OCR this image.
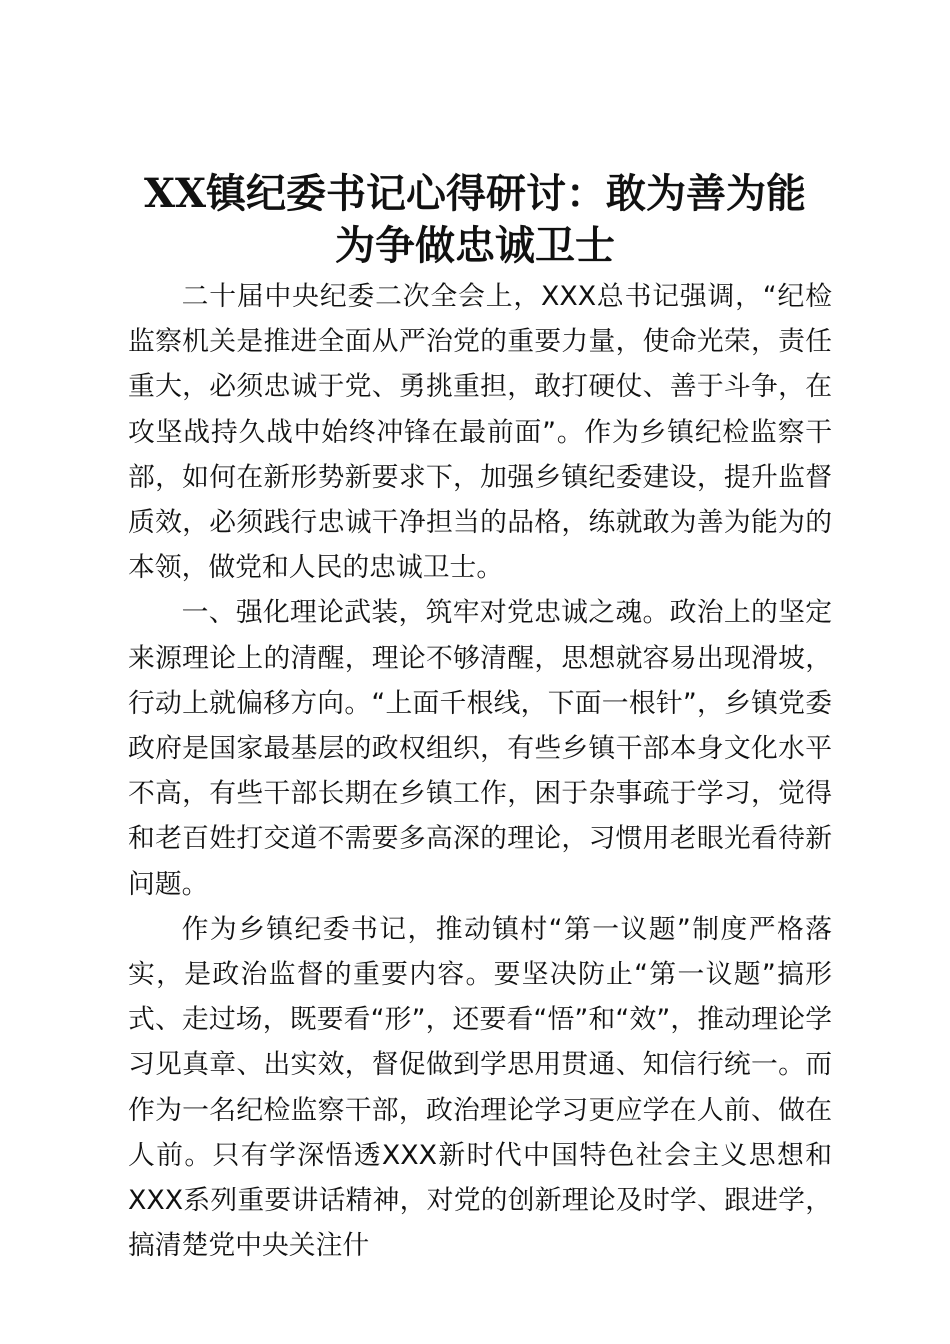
XX镇纪委书记心得研讨：敢为善为能
为争做忠诚卫士

二十届中央纪委二次全会上，XXX总书记强调，“纪检监察机关是推进全面从严治党的重要力量，使命光荣，责任重大，必须忠诚于党、勇挑重担，敢打硬仗、善于斗争，在攻坚战持久战中始终冲锋在最前面”。作为乡镇纪检监察干部，如何在新形势新要求下，加强乡镇纪委建设，提升监督质效，必须践行忠诚干净担当的品格，练就敢为善为能为的本领，做党和人民的忠诚卫士。

一、强化理论武装，筑牢对党忠诚之魂。政治上的坚定来源理论上的清醒，理论不够清醒，思想就容易出现滑坡，行动上就偏移方向。“上面千根线，下面一根针”，乡镇党委政府是国家最基层的政权组织，有些乡镇干部本身文化水平不高，有些干部长期在乡镇工作，困于杂事疏于学习，觉得和老百姓打交道不需要多高深的理论，习惯用老眼光看待新问题。

作为乡镇纪委书记，推动镇村“第一议题”制度严格落实，是政治监督的重要内容。要坚决防止“第一议题”搞形式、走过场，既要看“形”，还要看“悟”和“效”，推动理论学习见真章、出实效，督促做到学思用贯通、知信行统一。而作为一名纪检监察干部，政治理论学习更应学在人前、做在人前。只有学深悟透XXX新时代中国特色社会主义思想和XXX系列重要讲话精神，对党的创新理论及时学、跟进学，搞清楚党中央关注什
